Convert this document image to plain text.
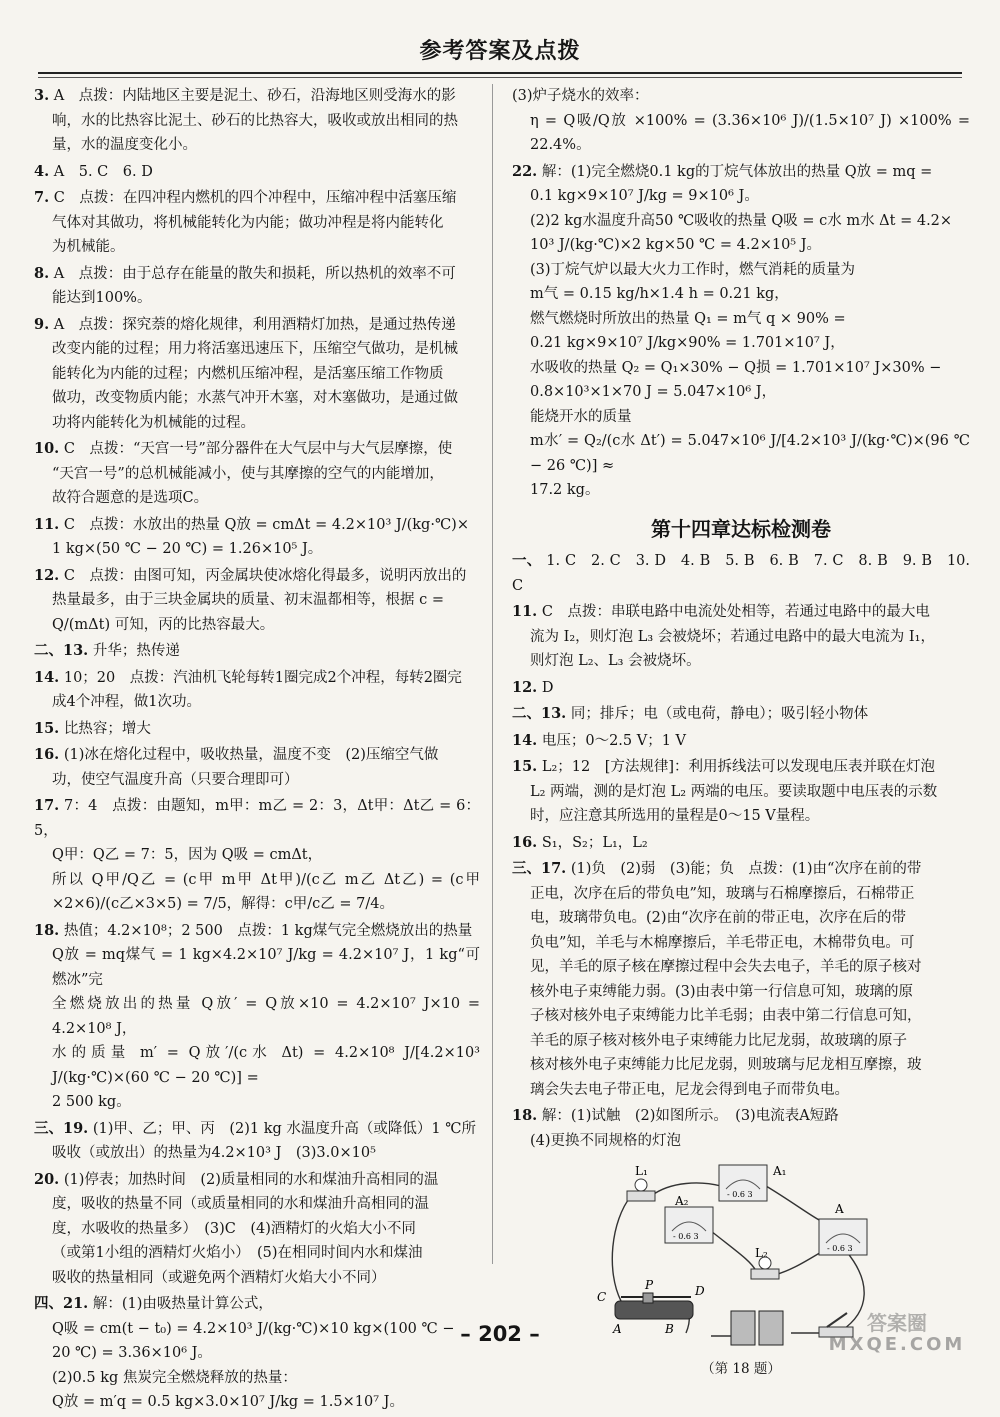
参考答案及点拨
3. A　点拨：内陆地区主要是泥土、砂石，沿海地区则受海水的影
响，水的比热容比泥土、砂石的比热容大，吸收或放出相同的热
量，水的温度变化小。
4. A　5. C　6. D
7. C　点拨：在四冲程内燃机的四个冲程中，压缩冲程中活塞压缩
气体对其做功，将机械能转化为内能；做功冲程是将内能转化
为机械能。
8. A　点拨：由于总存在能量的散失和损耗，所以热机的效率不可
能达到100%。
9. A　点拨：探究萘的熔化规律，利用酒精灯加热，是通过热传递
改变内能的过程；用力将活塞迅速压下，压缩空气做功，是机械
能转化为内能的过程；内燃机压缩冲程，是活塞压缩工作物质
做功，改变物质内能；水蒸气冲开木塞，对木塞做功，是通过做
功将内能转化为机械能的过程。
10. C　点拨：“天宫一号”部分器件在大气层中与大气层摩擦，使
“天宫一号”的总机械能减小，使与其摩擦的空气的内能增加，
故符合题意的是选项C。
11. C　点拨：水放出的热量 Q放 = cmΔt = 4.2×10³ J/(kg·℃)×
1 kg×(50 ℃ − 20 ℃) = 1.26×10⁵ J。
12. C　点拨：由图可知，丙金属块使冰熔化得最多，说明丙放出的
热量最多，由于三块金属块的质量、初末温都相等，根据 c =
Q/(mΔt) 可知，丙的比热容最大。
二、13. 升华；热传递
14. 10；20　点拨：汽油机飞轮每转1圈完成2个冲程，每转2圈完
成4个冲程，做1次功。
15. 比热容；增大
16. (1)冰在熔化过程中，吸收热量，温度不变　(2)压缩空气做
功，使空气温度升高（只要合理即可）
17. 7：4　点拨：由题知，m甲：m乙 = 2：3，Δt甲：Δt乙 = 6：5，
Q甲：Q乙 = 7：5，因为 Q吸 = cmΔt，
所以 Q甲/Q乙 = (c甲 m甲 Δt甲)/(c乙 m乙 Δt乙) = (c甲×2×6)/(c乙×3×5) = 7/5，解得：c甲/c乙 = 7/4。
18. 热值；4.2×10⁸；2 500　点拨：1 kg煤气完全燃烧放出的热量
Q放 = mq煤气 = 1 kg×4.2×10⁷ J/kg = 4.2×10⁷ J，1 kg“可燃冰”完
全燃烧放出的热量 Q放′ = Q放×10 = 4.2×10⁷ J×10 = 4.2×10⁸ J，
水的质量 m′ = Q放′/(c水 Δt) = 4.2×10⁸ J/[4.2×10³ J/(kg·℃)×(60 ℃ − 20 ℃)] =
2 500 kg。
三、19. (1)甲、乙；甲、丙　(2)1 kg 水温度升高（或降低）1 ℃所
吸收（或放出）的热量为4.2×10³ J　(3)3.0×10⁵
20. (1)停表；加热时间　(2)质量相同的水和煤油升高相同的温
度，吸收的热量不同（或质量相同的水和煤油升高相同的温
度，水吸收的热量多）　(3)C　(4)酒精灯的火焰大小不同
（或第1小组的酒精灯火焰小）　(5)在相同时间内水和煤油
吸收的热量相同（或避免两个酒精灯火焰大小不同）
四、21. 解：(1)由吸热量计算公式，
Q吸 = cm(t − t₀) = 4.2×10³ J/(kg·℃)×10 kg×(100 ℃ −
20 ℃) = 3.36×10⁶ J。
(2)0.5 kg 焦炭完全燃烧释放的热量：
Q放 = m′q = 0.5 kg×3.0×10⁷ J/kg = 1.5×10⁷ J。
(3)炉子烧水的效率：
η = Q吸/Q放 ×100% = (3.36×10⁶ J)/(1.5×10⁷ J) ×100% = 22.4%。
22. 解：(1)完全燃烧0.1 kg的丁烷气体放出的热量 Q放 = mq =
0.1 kg×9×10⁷ J/kg = 9×10⁶ J。
(2)2 kg水温度升高50 ℃吸收的热量 Q吸 = c水 m水 Δt = 4.2×
10³ J/(kg·℃)×2 kg×50 ℃ = 4.2×10⁵ J。
(3)丁烷气炉以最大火力工作时，燃气消耗的质量为
m气 = 0.15 kg/h×1.4 h = 0.21 kg，
燃气燃烧时所放出的热量 Q₁ = m气 q × 90% =
0.21 kg×9×10⁷ J/kg×90% = 1.701×10⁷ J，
水吸收的热量 Q₂ = Q₁×30% − Q损 = 1.701×10⁷ J×30% −
0.8×10³×1×70 J = 5.047×10⁶ J，
能烧开水的质量
m水′ = Q₂/(c水 Δt′) = 5.047×10⁶ J/[4.2×10³ J/(kg·℃)×(96 ℃ − 26 ℃)] ≈
17.2 kg。
第十四章达标检测卷
一、 1. C　2. C　3. D　4. B　5. B　6. B　7. C　8. B　9. B　10. C
11. C　点拨：串联电路中电流处处相等，若通过电路中的最大电
流为 I₂，则灯泡 L₃ 会被烧坏；若通过电路中的最大电流为 I₁，
则灯泡 L₂、L₃ 会被烧坏。
12. D
二、13. 同；排斥；电（或电荷，静电）；吸引轻小物体
14. 电压；0～2.5 V；1 V
15. L₂；12　[方法规律]：利用拆线法可以发现电压表并联在灯泡
L₂ 两端，测的是灯泡 L₂ 两端的电压。要读取题中电压表的示数
时，应注意其所选用的量程是0～15 V量程。
16. S₁，S₂；L₁，L₂
三、17. (1)负　(2)弱　(3)能；负　点拨：(1)由“次序在前的带
正电，次序在后的带负电”知，玻璃与石棉摩擦后，石棉带正
电，玻璃带负电。(2)由“次序在前的带正电，次序在后的带
负电”知，羊毛与木棉摩擦后，羊毛带正电，木棉带负电。可
见，羊毛的原子核在摩擦过程中会失去电子，羊毛的原子核对
核外电子束缚能力弱。(3)由表中第一行信息可知，玻璃的原
子核对核外电子束缚能力比羊毛弱；由表中第二行信息可知，
羊毛的原子核对核外电子束缚能力比尼龙弱，故玻璃的原子
核对核外电子束缚能力比尼龙弱，则玻璃与尼龙相互摩擦，玻
璃会失去电子带正电，尼龙会得到电子而带负电。
18. 解：(1)试触　(2)如图所示。　(3)电流表A短路
(4)更换不同规格的灯泡
L₁	A₁
A₂
A
L₂
- 0.6 3
- 0.6 3
- 0.6 3
C
P	D
A	B
（第 18 题）
– 202 –	答案圈
MXQE.COM
